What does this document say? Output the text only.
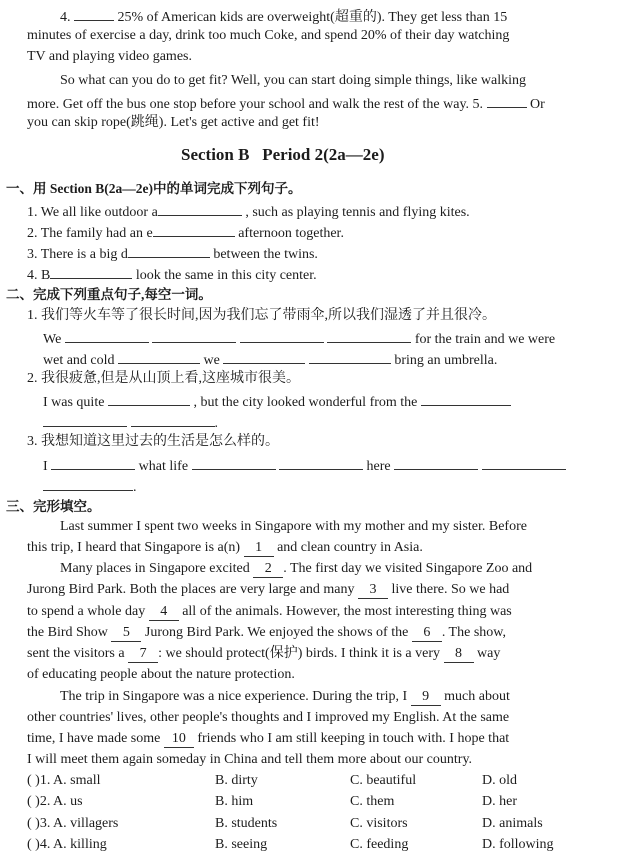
4.	25% of American kids are overweight(超重的). They get less than 15
minutes of exercise a day, drink too much Coke, and spend 20% of their day watching
TV and playing video games.
So what can you do to get fit? Well, you can start doing simple things, like walking
more. Get off the bus one stop before your school and walk the rest of the way. 5.	Or
you can skip rope(跳绳). Let's get active and get fit!
Section B   Period 2(2a—2e)
一、用 Section B(2a—2e)中的单词完成下列句子。
1. We all like outdoor a	, such as playing tennis and flying kites.
2. The family had an e	afternoon together.
3. There is a big d	between the twins.
4. B	look the same in this city center.
二、完成下列重点句子,每空一词。
1. 我们等火车等了很长时间,因为我们忘了带雨伞,所以我们湿透了并且很冷。
We	for the train and we were
wet and cold	we	bring an umbrella.
2. 我很疲惫,但是从山顶上看,这座城市很美。
I was quite	, but the city looked wonderful from the
.
3. 我想知道这里过去的生活是怎么样的。
I	what life	here
.
三、完形填空。
Last summer I spent two weeks in Singapore with my mother and my sister. Before
this trip, I heard that Singapore is a(n) 1 and clean country in Asia.
Many places in Singapore excited 2 . The first day we visited Singapore Zoo and
Jurong Bird Park. Both the places are very large and many 3 live there. So we had
to spend a whole day 4 all of the animals. However, the most interesting thing was
the Bird Show 5 Jurong Bird Park. We enjoyed the shows of the 6 . The show,
sent the visitors a 7 : we should protect(保护) birds. I think it is a very 8 way
of educating people about the nature protection.
The trip in Singapore was a nice experience. During the trip, I 9 much about
other countries' lives, other people's thoughts and I improved my English. At the same
time, I have made some 10 friends who I am still keeping in touch with. I hope that
I will meet them again someday in China and tell them more about our country.
( )1. A. small	B. dirty	C. beautiful	D. old
( )2. A. us	B. him	C. them	D. her
( )3. A. villagers	B. students	C. visitors	D. animals
( )4. A. killing	B. seeing	C. feeding	D. following
